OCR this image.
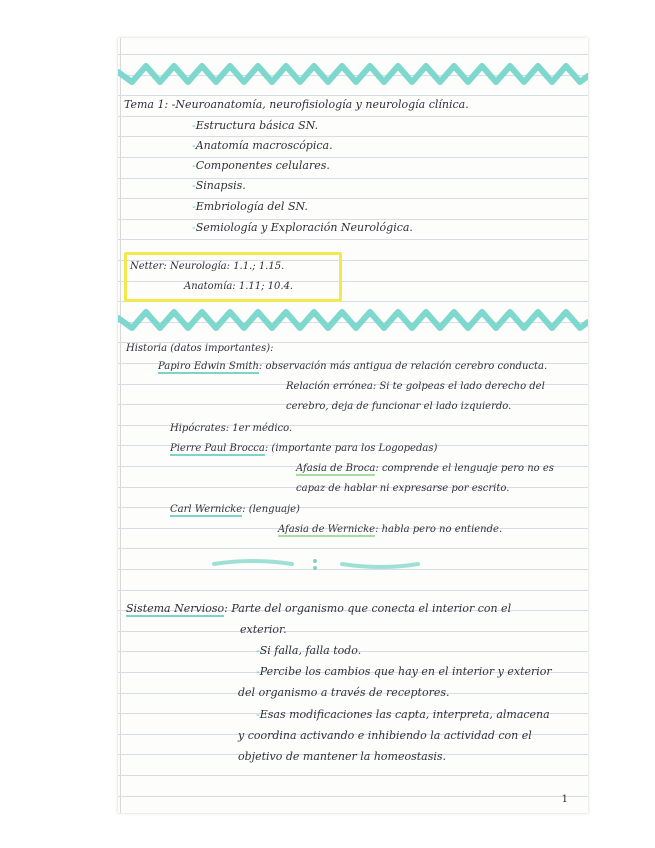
Tema 1: -Neuroanatomía, neurofisiología y neurología clínica.
-Estructura básica SN.
-Anatomía macroscópica.
-Componentes celulares.
-Sinapsis.
-Embriología del SN.
-Semiología y Exploración Neurológica.
Netter: Neurología: 1.1.; 1.15.
Anatomía: 1.11; 10.4.
Historia (datos importantes):
Papiro Edwin Smith: observación más antigua de relación cerebro conducta.
Relación errónea: Si te golpeas el lado derecho del
cerebro, deja de funcionar el lado izquierdo.
Hipócrates: 1er médico.
Pierre Paul Brocca: (importante para los Logopedas)
Afasia de Broca: comprende el lenguaje pero no es
capaz de hablar ni expresarse por escrito.
Carl Wernicke: (lenguaje)
Afasia de Wernicke: habla pero no entiende.
Sistema Nervioso: Parte del organismo que conecta el interior con el
exterior.
-Si falla, falla todo.
-Percibe los cambios que hay en el interior y exterior
del organismo a través de receptores.
-Esas modificaciones las capta, interpreta, almacena
y coordina activando e inhibiendo la actividad con el
objetivo de mantener la homeostasis.
1
